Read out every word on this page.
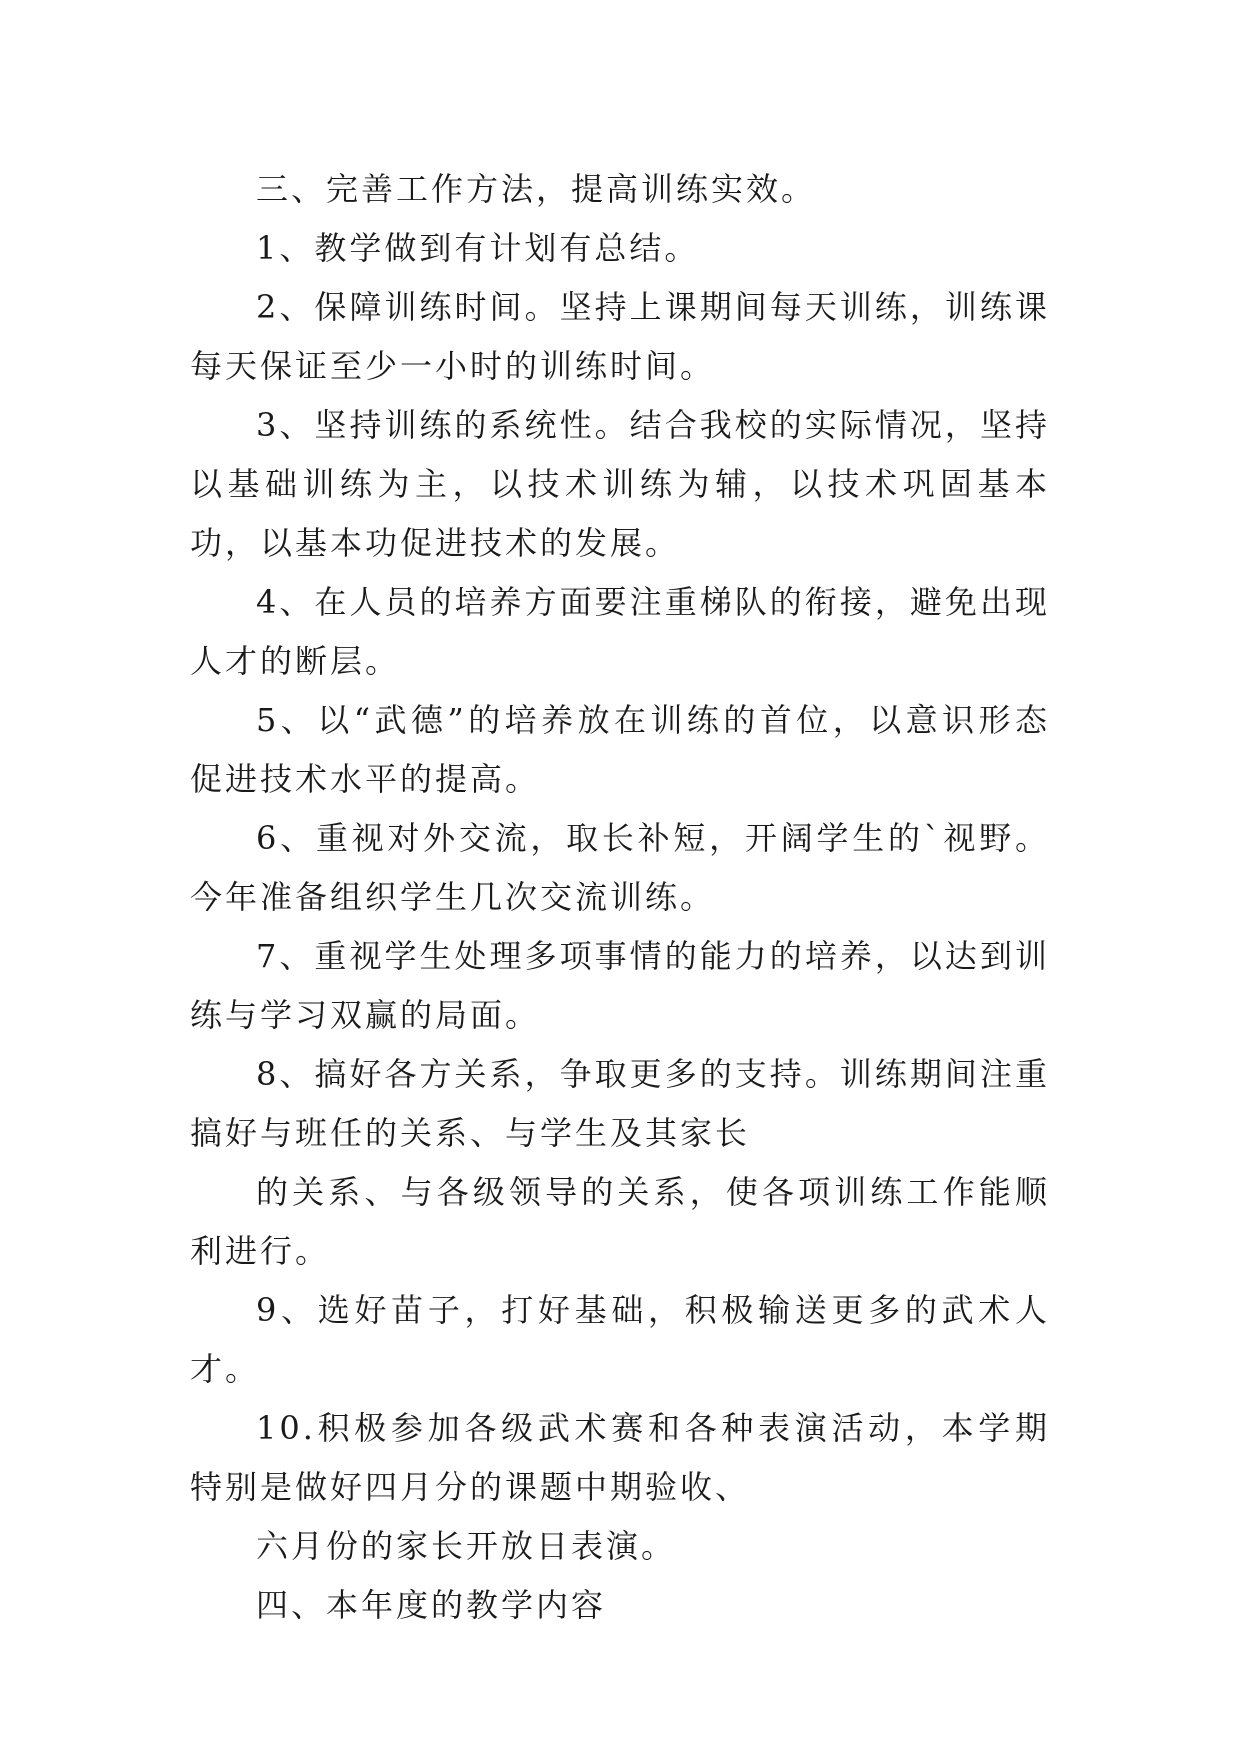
三、完善工作方法，提高训练实效。

1、教学做到有计划有总结。

2、保障训练时间。坚持上课期间每天训练，训练课每天保证至少一小时的训练时间。

3、坚持训练的系统性。结合我校的实际情况，坚持以基础训练为主，以技术训练为辅，以技术巩固基本功，以基本功促进技术的发展。

4、在人员的培养方面要注重梯队的衔接，避免出现人才的断层。

5、以“武德”的培养放在训练的首位，以意识形态促进技术水平的提高。

6、重视对外交流，取长补短，开阔学生的`视野。今年准备组织学生几次交流训练。

7、重视学生处理多项事情的能力的培养，以达到训练与学习双赢的局面。

8、搞好各方关系，争取更多的支持。训练期间注重搞好与班任的关系、与学生及其家长

的关系、与各级领导的关系，使各项训练工作能顺利进行。

9、选好苗子，打好基础，积极输送更多的武术人才。

10.积极参加各级武术赛和各种表演活动，本学期特别是做好四月分的课题中期验收、

六月份的家长开放日表演。

四、本年度的教学内容
